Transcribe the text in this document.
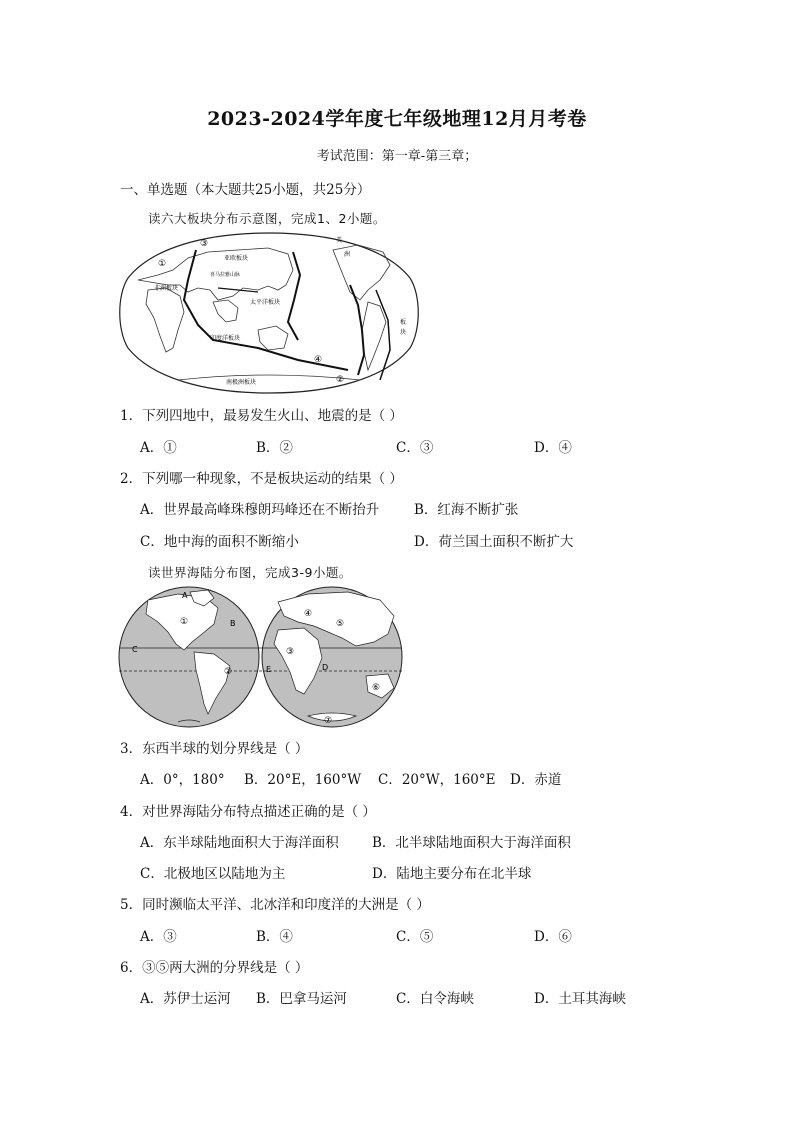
2023-2024学年度七年级地理12月月考卷
考试范围：第一章-第三章；
一、单选题（本大题共25小题，共25分）
读六大板块分布示意图，完成1、2小题。
亚欧板块
非洲板块
喜马拉雅山脉
太平洋板块
印度洋板块
南极洲板块
美
洲
板
块
③
①
④
②
1．下列四地中，最易发生火山、地震的是（ ）
A．①	B．②	C．③	D．④
2．下列哪一种现象，不是板块运动的结果（ ）
A．世界最高峰珠穆朗玛峰还在不断抬升	B．红海不断扩张
C．地中海的面积不断缩小	D．荷兰国土面积不断扩大
读世界海陆分布图，完成3-9小题。
A
B
C
D
E
①
②
③
④
⑤
⑥
⑦
3．东西半球的划分界线是（ ）
A．0°，180° B．20°E，160°W C．20°W，160°E D．赤道
4．对世界海陆分布特点描述正确的是（ ）
A．东半球陆地面积大于海洋面积 B．北半球陆地面积大于海洋面积
C．北极地区以陆地为主	D．陆地主要分布在北半球
5．同时濒临太平洋、北冰洋和印度洋的大洲是（ ）
A．③	B．④	C．⑤	D．⑥
6．③⑤两大洲的分界线是（ ）
A．苏伊士运河 B．巴拿马运河	C．白令海峡	D．土耳其海峡
